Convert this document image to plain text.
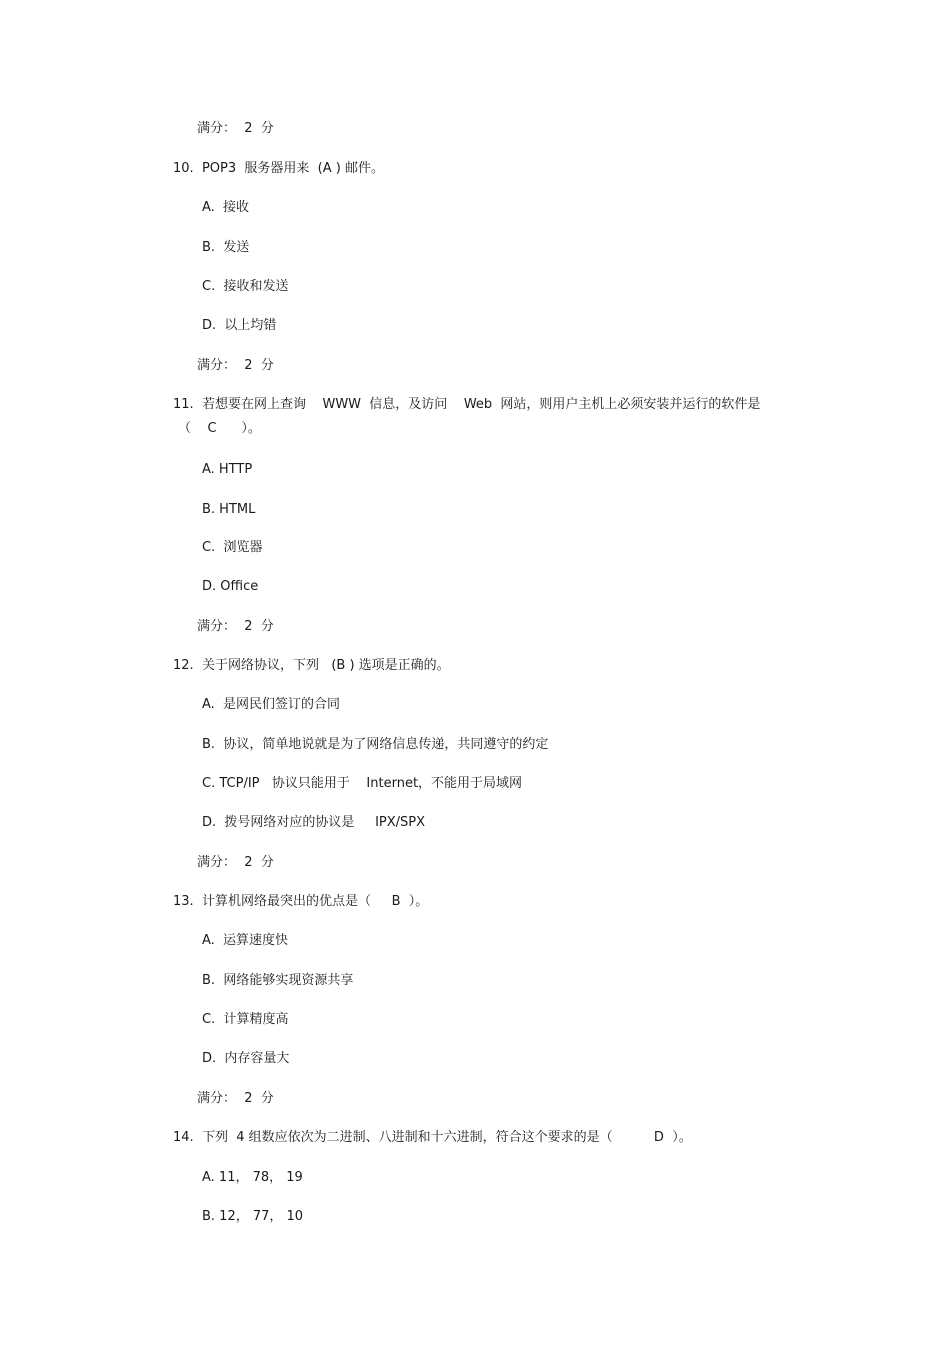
满分：  2  分
10.  POP3  服务器用来  (A ) 邮件。
A.  接收
B.  发送
C.  接收和发送
D.  以上均错
满分：  2  分
11.  若想要在网上查询    WWW  信息，及访问    Web  网站，则用户主机上必须安装并运行的软件是
（    C      ）。
A. HTTP
B. HTML
C.  浏览器
D. Office
满分：  2  分
12.  关于网络协议，下列   (B ) 选项是正确的。
A.  是网民们签订的合同
B.  协议，简单地说就是为了网络信息传递，共同遵守的约定
C. TCP/IP   协议只能用于    Internet，不能用于局域网
D.  拨号网络对应的协议是     IPX/SPX
满分：  2  分
13.  计算机网络最突出的优点是（     B  ）。
A.  运算速度快
B.  网络能够实现资源共享
C.  计算精度高
D.  内存容量大
满分：  2  分
14.  下列  4 组数应依次为二进制、八进制和十六进制，符合这个要求的是（          D  ）。
A. 11， 78， 19
B. 12， 77， 10
